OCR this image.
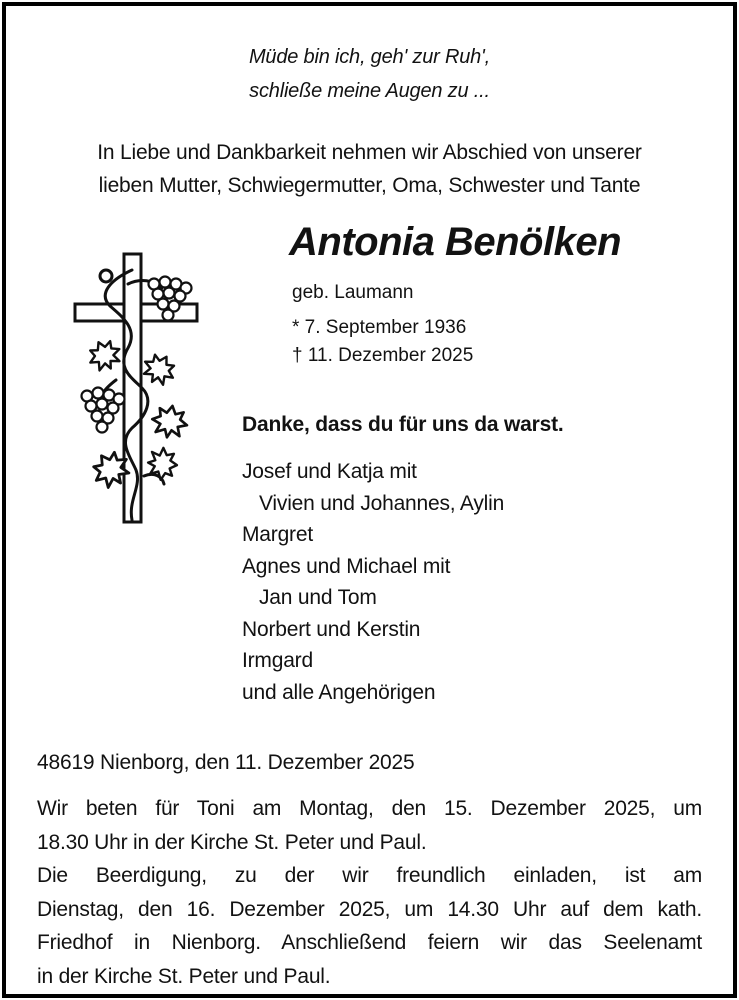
Müde bin ich, geh' zur Ruh',
schließe meine Augen zu ...
In Liebe und Dankbarkeit nehmen wir Abschied von unserer
lieben Mutter, Schwiegermutter, Oma, Schwester und Tante
Antonia Benölken
geb. Laumann
* 7. September 1936
† 11. Dezember 2025
Danke, dass du für uns da warst.
Josef und Katja mit
Vivien und Johannes, Aylin
Margret
Agnes und Michael mit
Jan und Tom
Norbert und Kerstin
Irmgard
und alle Angehörigen
48619 Nienborg, den 11. Dezember 2025
Wir beten für Toni am Montag, den 15. Dezember 2025, um
18.30 Uhr in der Kirche St. Peter und Paul.
Die Beerdigung, zu der wir freundlich einladen, ist am
Dienstag, den 16. Dezember 2025, um 14.30 Uhr auf dem kath.
Friedhof in Nienborg. Anschließend feiern wir das Seelenamt
in der Kirche St. Peter und Paul.
